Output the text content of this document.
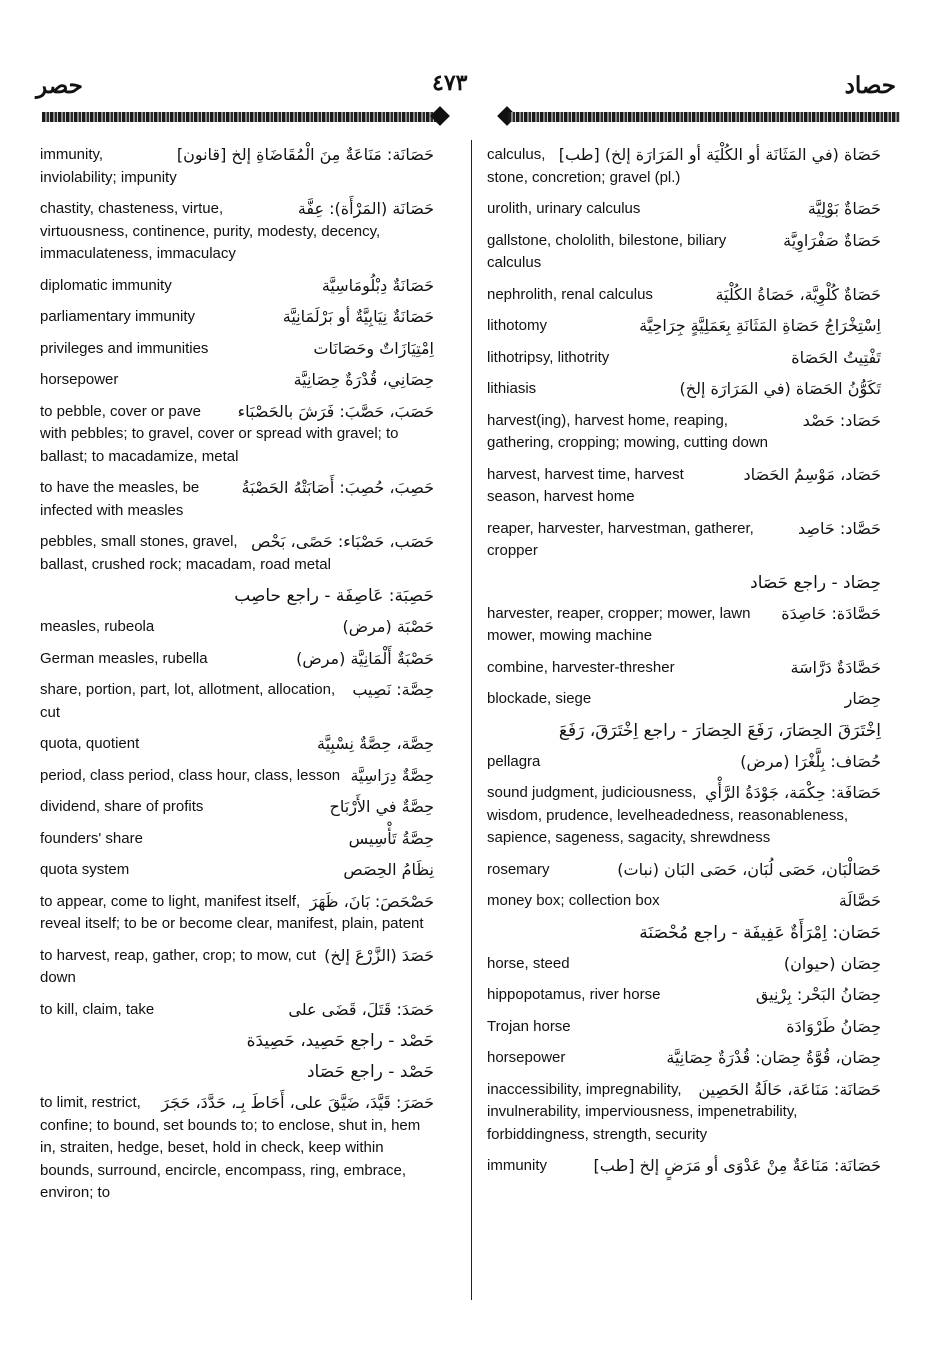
حصر	٤٧٣	حصاد
حَصَانَة: مَنَاعَةٌ مِنَ الْمُقَاضَاةِ إلخ [قانون]
immunity, inviolability; impunity
حَصَانَة (المَرْأَة): عِفَّة
chastity, chasteness, virtue, virtuousness, continence, purity, modesty, decency, immaculateness, immaculacy
حَصَانَةٌ دِبْلُومَاسِيَّة
diplomatic immunity
حَصَانَةٌ نِيَابِيَّةٌ أو بَرْلَمَانِيَّة
parliamentary immunity
اِمْتِيَازَاتٌ وحَصَانَات
privileges and immunities
حِصَانِي، قُدْرَةٌ حِصَانِيَّة
horsepower
حَصَبَ، حَصَّبَ: فَرَشَ بالحَصْبَاء
to pebble, cover or pave with pebbles; to gravel, cover or spread with gravel; to ballast; to macadamize, metal
حَصِبَ، حُصِبَ: أَصَابَتْهُ الحَصْبَةُ
to have the measles, be infected with measles
حَصَب، حَصْبَاء: حَصًى، بَحْص
pebbles, small stones, gravel, ballast, crushed rock; macadam, road metal
حَصِبَة: عَاصِفَة - راجع حاصِب
حَصْبَة (مرض)
measles, rubeola
حَصْبَةٌ أَلْمَانِيَّة (مرض)
German measles, rubella
حِصَّة: نَصِيب
share, portion, part, lot, allotment, allocation, cut
حِصَّة، حِصَّةٌ نِسْبِيَّة
quota, quotient
حِصَّةٌ دِرَاسِيَّة
period, class period, class hour, class, lesson
حِصَّةٌ في الأَرْبَاح
dividend, share of profits
حِصَّةُ تَأْسِيس
founders' share
نِظَامُ الحِصَص
quota system
حَصْحَصَ: بَانَ، ظَهَرَ
to appear, come to light, manifest itself, reveal itself; to be or become clear, manifest, plain, patent
حَصَدَ (الزَّرْعَ إلخ)
to harvest, reap, gather, crop; to mow, cut down
حَصَدَ: قَتَلَ، قَضَى على
to kill, claim, take
حَصْد - راجع حَصِيد، حَصِيدَة
حَصْد - راجع حَصَاد
حَصَرَ: قَيَّدَ، ضَيَّقَ على، أَحَاطَ بِـ، حَدَّدَ، حَجَرَ
to limit, restrict, confine; to bound, set bounds to; to enclose, shut in, hem in, straiten, hedge, beset, hold in check, keep within bounds, surround, encircle, encompass, ring, embrace, environ; to
حَصَاة (في المَثَانَة أو الكُلْيَة أو المَرَارَة إلخ) [طب]
calculus, stone, concretion; gravel (pl.)
حَصَاةٌ بَوْلِيَّة
urolith, urinary calculus
حَصَاةٌ صَفْرَاوِيَّة
gallstone, chololith, bilestone, biliary calculus
حَصَاةٌ كُلْوِيَّة، حَصَاةُ الكُلْيَة
nephrolith, renal calculus
اِسْتِخْرَاجُ حَصَاةِ المَثَانَةِ بِعَمَلِيَّةٍ جِرَاحِيَّة
lithotomy
تَفْتِيتُ الحَصَاة
lithotripsy, lithotrity
تَكَوُّنُ الحَصَاة (في المَرَارَة إلخ)
lithiasis
حَصَاد: حَصْد
harvest(ing), harvest home, reaping, gathering, cropping; mowing, cutting down
حَصَاد، مَوْسِمُ الحَصَاد
harvest, harvest time, harvest season, harvest home
حَصَّاد: حَاصِد
reaper, harvester, harvestman, gatherer, cropper
حِصَاد - راجع حَصَاد
حَصَّادَة: حَاصِدَة
harvester, reaper, cropper; mower, lawn mower, mowing machine
حَصَّادَةٌ دَرَّاسَة
combine, harvester-thresher
حِصَار
blockade, siege
اِخْتَرَقَ الحِصَارَ، رَفَعَ الحِصَارَ - راجع اِخْتَرَقَ، رَفَعَ
حُصَاف: بِلَّغْرَا (مرض)
pellagra
حَصَافَة: حِكْمَة، جَوْدَةُ الرَّأْي
sound judgment, judiciousness, wisdom, prudence, levelheadedness, reasonableness, sapience, sageness, sagacity, shrewdness
حَصَالْبَان، حَصَى لُبَان، حَصَى البَان (نبات)
rosemary
حَصَّالَة
money box; collection box
حَصَان: اِمْرَأَةٌ عَفِيفَة - راجع مُحْصَنَة
حِصَان (حيوان)
horse, steed
حِصَانُ البَحْر: بِرْنِيق
hippopotamus, river horse
حِصَانُ طَرْوَادَة
Trojan horse
حِصَان، قُوَّةُ حِصَان: قُدْرَةٌ حِصَانِيَّة
horsepower
حَصَانَة: مَنَاعَة، حَالَةُ الحَصِين
inaccessibility, impregnability, invulnerability, imperviousness, impenetrability, forbiddingness, strength, security
حَصَانَة: مَنَاعَةٌ مِنْ عَدْوَى أو مَرَضٍ إلخ [طب]
immunity
